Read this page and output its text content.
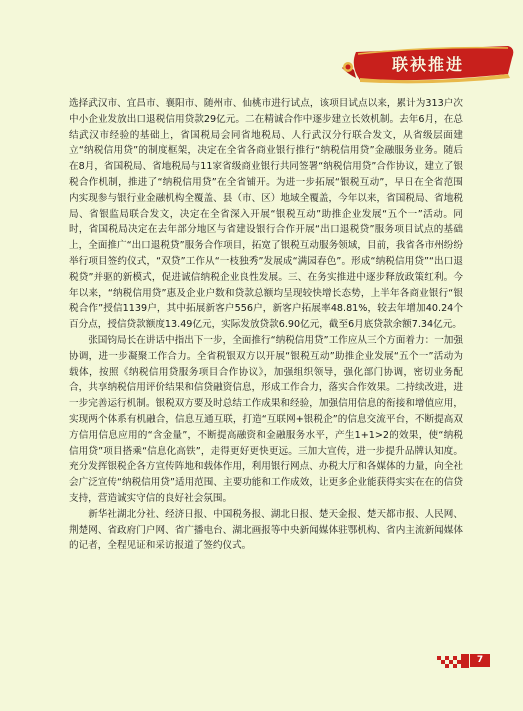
联袂推进

选择武汉市、宜昌市、襄阳市、随州市、仙桃市进行试点，该项目试点以来，累计为313户次中小企业发放出口退税信用贷款29亿元。二在精诚合作中逐步建立长效机制。去年6月，在总结武汉市经验的基础上，省国税局会同省地税局、人行武汉分行联合发文，从省级层面建立“纳税信用贷”的制度框架，决定在全省各商业银行推行“纳税信用贷”金融服务业务。随后在8月，省国税局、省地税局与11家省级商业银行共同签署“纳税信用贷”合作协议，建立了银税合作机制，推进了“纳税信用贷”在全省铺开。为进一步拓展“银税互动”，早日在全省范围内实现参与银行业金融机构全覆盖、县（市、区）地域全覆盖，今年以来，省国税局、省地税局、省银监局联合发文，决定在全省深入开展“银税互动”助推企业发展“五个一”活动。同时，省国税局决定在去年部分地区与省建设银行合作开展“出口退税贷”服务项目试点的基础上，全面推广“出口退税贷”服务合作项目，拓宽了银税互动服务领域，目前，我省各市州纷纷举行项目签约仪式，“双贷”工作从“一枝独秀”发展成“满园春色”。形成“纳税信用贷”“出口退税贷”并驱的新模式，促进诚信纳税企业良性发展。三、在务实推进中逐步释放政策红利。今年以来，“纳税信用贷”惠及企业户数和贷款总额均呈现较快增长态势，上半年各商业银行“银税合作”授信1139户，其中拓展新客户556户，新客户拓展率48.81%，较去年增加40.24个百分点，授信贷款额度13.49亿元，实际发放贷款6.90亿元，截至6月底贷款余额7.34亿元。

张国钧局长在讲话中指出下一步，全面推行“纳税信用贷”工作应从三个方面着力：一加强协调，进一步凝聚工作合力。全省税银双方以开展“银税互动”助推企业发展“五个一”活动为载体，按照《纳税信用贷服务项目合作协议》，加强组织领导，强化部门协调，密切业务配合，共享纳税信用评价结果和信贷融资信息，形成工作合力，落实合作效果。二持续改进，进一步完善运行机制。银税双方要及时总结工作成果和经验，加强信用信息的衔接和增值应用，实现两个体系有机融合，信息互通互联，打造“互联网+银税企”的信息交流平台，不断提高双方信用信息应用的“含金量”，不断提高融资和金融服务水平，产生1+1>2的效果，使“纳税信用贷”项目搭乘“信息化高铁”，走得更好更快更远。三加大宣传，进一步提升品牌认知度。充分发挥银税企各方宣传阵地和载体作用，利用银行网点、办税大厅和各媒体的力量，向全社会广泛宣传“纳税信用贷”适用范围、主要功能和工作成效，让更多企业能获得实实在在的信贷支持，营造诚实守信的良好社会氛围。

新华社湖北分社、经济日报、中国税务报、湖北日报、楚天金报、楚天都市报、人民网、荆楚网、省政府门户网、省广播电台、湖北画报等中央新闻媒体驻鄂机构、省内主流新闻媒体的记者，全程见证和采访报道了签约仪式。

7
